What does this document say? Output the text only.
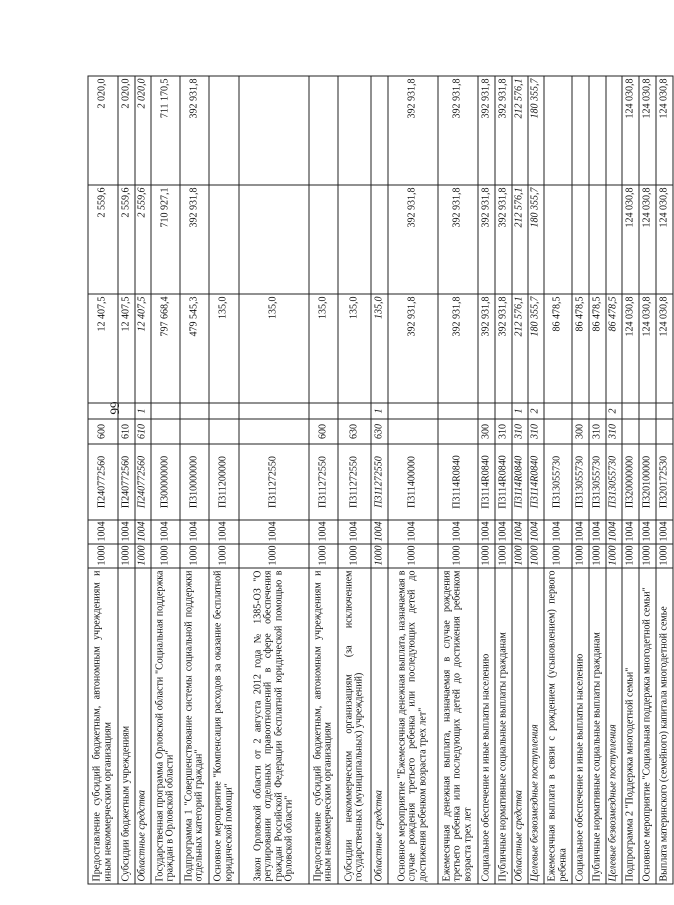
99
Предоставление субсидий бюджетным, автономным учреждениям и иным некоммерческим организациям	1000	1004	П240772560	600		12 407,5	2 559,6	2 020,0
Субсидии бюджетным учреждениям	1000	1004	П240772560	610		12 407,5	2 559,6	2 020,0
Областные средства	1000	1004	П240772560	610	1	12 407,5	2 559,6	2 020,0
Государственная программа Орловской области "Социальная поддержка граждан в Орловской области"	1000	1004	П300000000			797 668,4	710 927,1	711 170,5
Подпрограмма 1 "Совершенствование системы социальной поддержки отдельных категорий граждан"	1000	1004	П310000000			479 545,3	392 931,8	392 931,8
Основное мероприятие "Компенсация расходов за оказание бесплатной юридической помощи"	1000	1004	П311200000			135,0		
Закон Орловской области от 2 августа 2012 года № 1385-ОЗ "О регулировании отдельных правоотношений в сфере обеспечения граждан Российской Федерации бесплатной юридической помощью в Орловской области"	1000	1004	П311272550			135,0		
Предоставление субсидий бюджетным, автономным учреждениям и иным некоммерческим организациям	1000	1004	П311272550	600		135,0		
Субсидии некоммерческим организациям (за исключением государственных (муниципальных) учреждений)	1000	1004	П311272550	630		135,0		
Областные средства	1000	1004	П311272550	630	1	135,0		
Основное мероприятие "Ежемесячная денежная выплата, назначаемая в случае рождения третьего ребенка или последующих детей до достижения ребенком возраста трех лет"	1000	1004	П311400000			392 931,8	392 931,8	392 931,8
Ежемесячная денежная выплата, назначаемая в случае рождения третьего ребенка или последующих детей до достижения ребенком возраста трех лет	1000	1004	П3114R0840			392 931,8	392 931,8	392 931,8
Социальное обеспечение и иные выплаты населению	1000	1004	П3114R0840	300		392 931,8	392 931,8	392 931,8
Публичные нормативные социальные выплаты гражданам	1000	1004	П3114R0840	310		392 931,8	392 931,8	392 931,8
Областные средства	1000	1004	П3114R0840	310	1	212 576,1	212 576,1	212 576,1
Целевые безвозмездные поступления	1000	1004	П3114R0840	310	2	180 355,7	180 355,7	180 355,7
Ежемесячная выплата в связи с рождением (усыновлением) первого ребенка	1000	1004	П313055730			86 478,5		
Социальное обеспечение и иные выплаты населению	1000	1004	П313055730	300		86 478,5		
Публичные нормативные социальные выплаты гражданам	1000	1004	П313055730	310		86 478,5		
Целевые безвозмездные поступления	1000	1004	П313055730	310	2	86 478,5		
Подпрограмма 2 "Поддержка многодетной семьи"	1000	1004	П320000000			124 030,8	124 030,8	124 030,8
Основное мероприятие "Социальная поддержка многодетной семьи"	1000	1004	П320100000			124 030,8	124 030,8	124 030,8
Выплата материнского (семейного) капитала многодетной семье	1000	1004	П320172530			124 030,8	124 030,8	124 030,8
